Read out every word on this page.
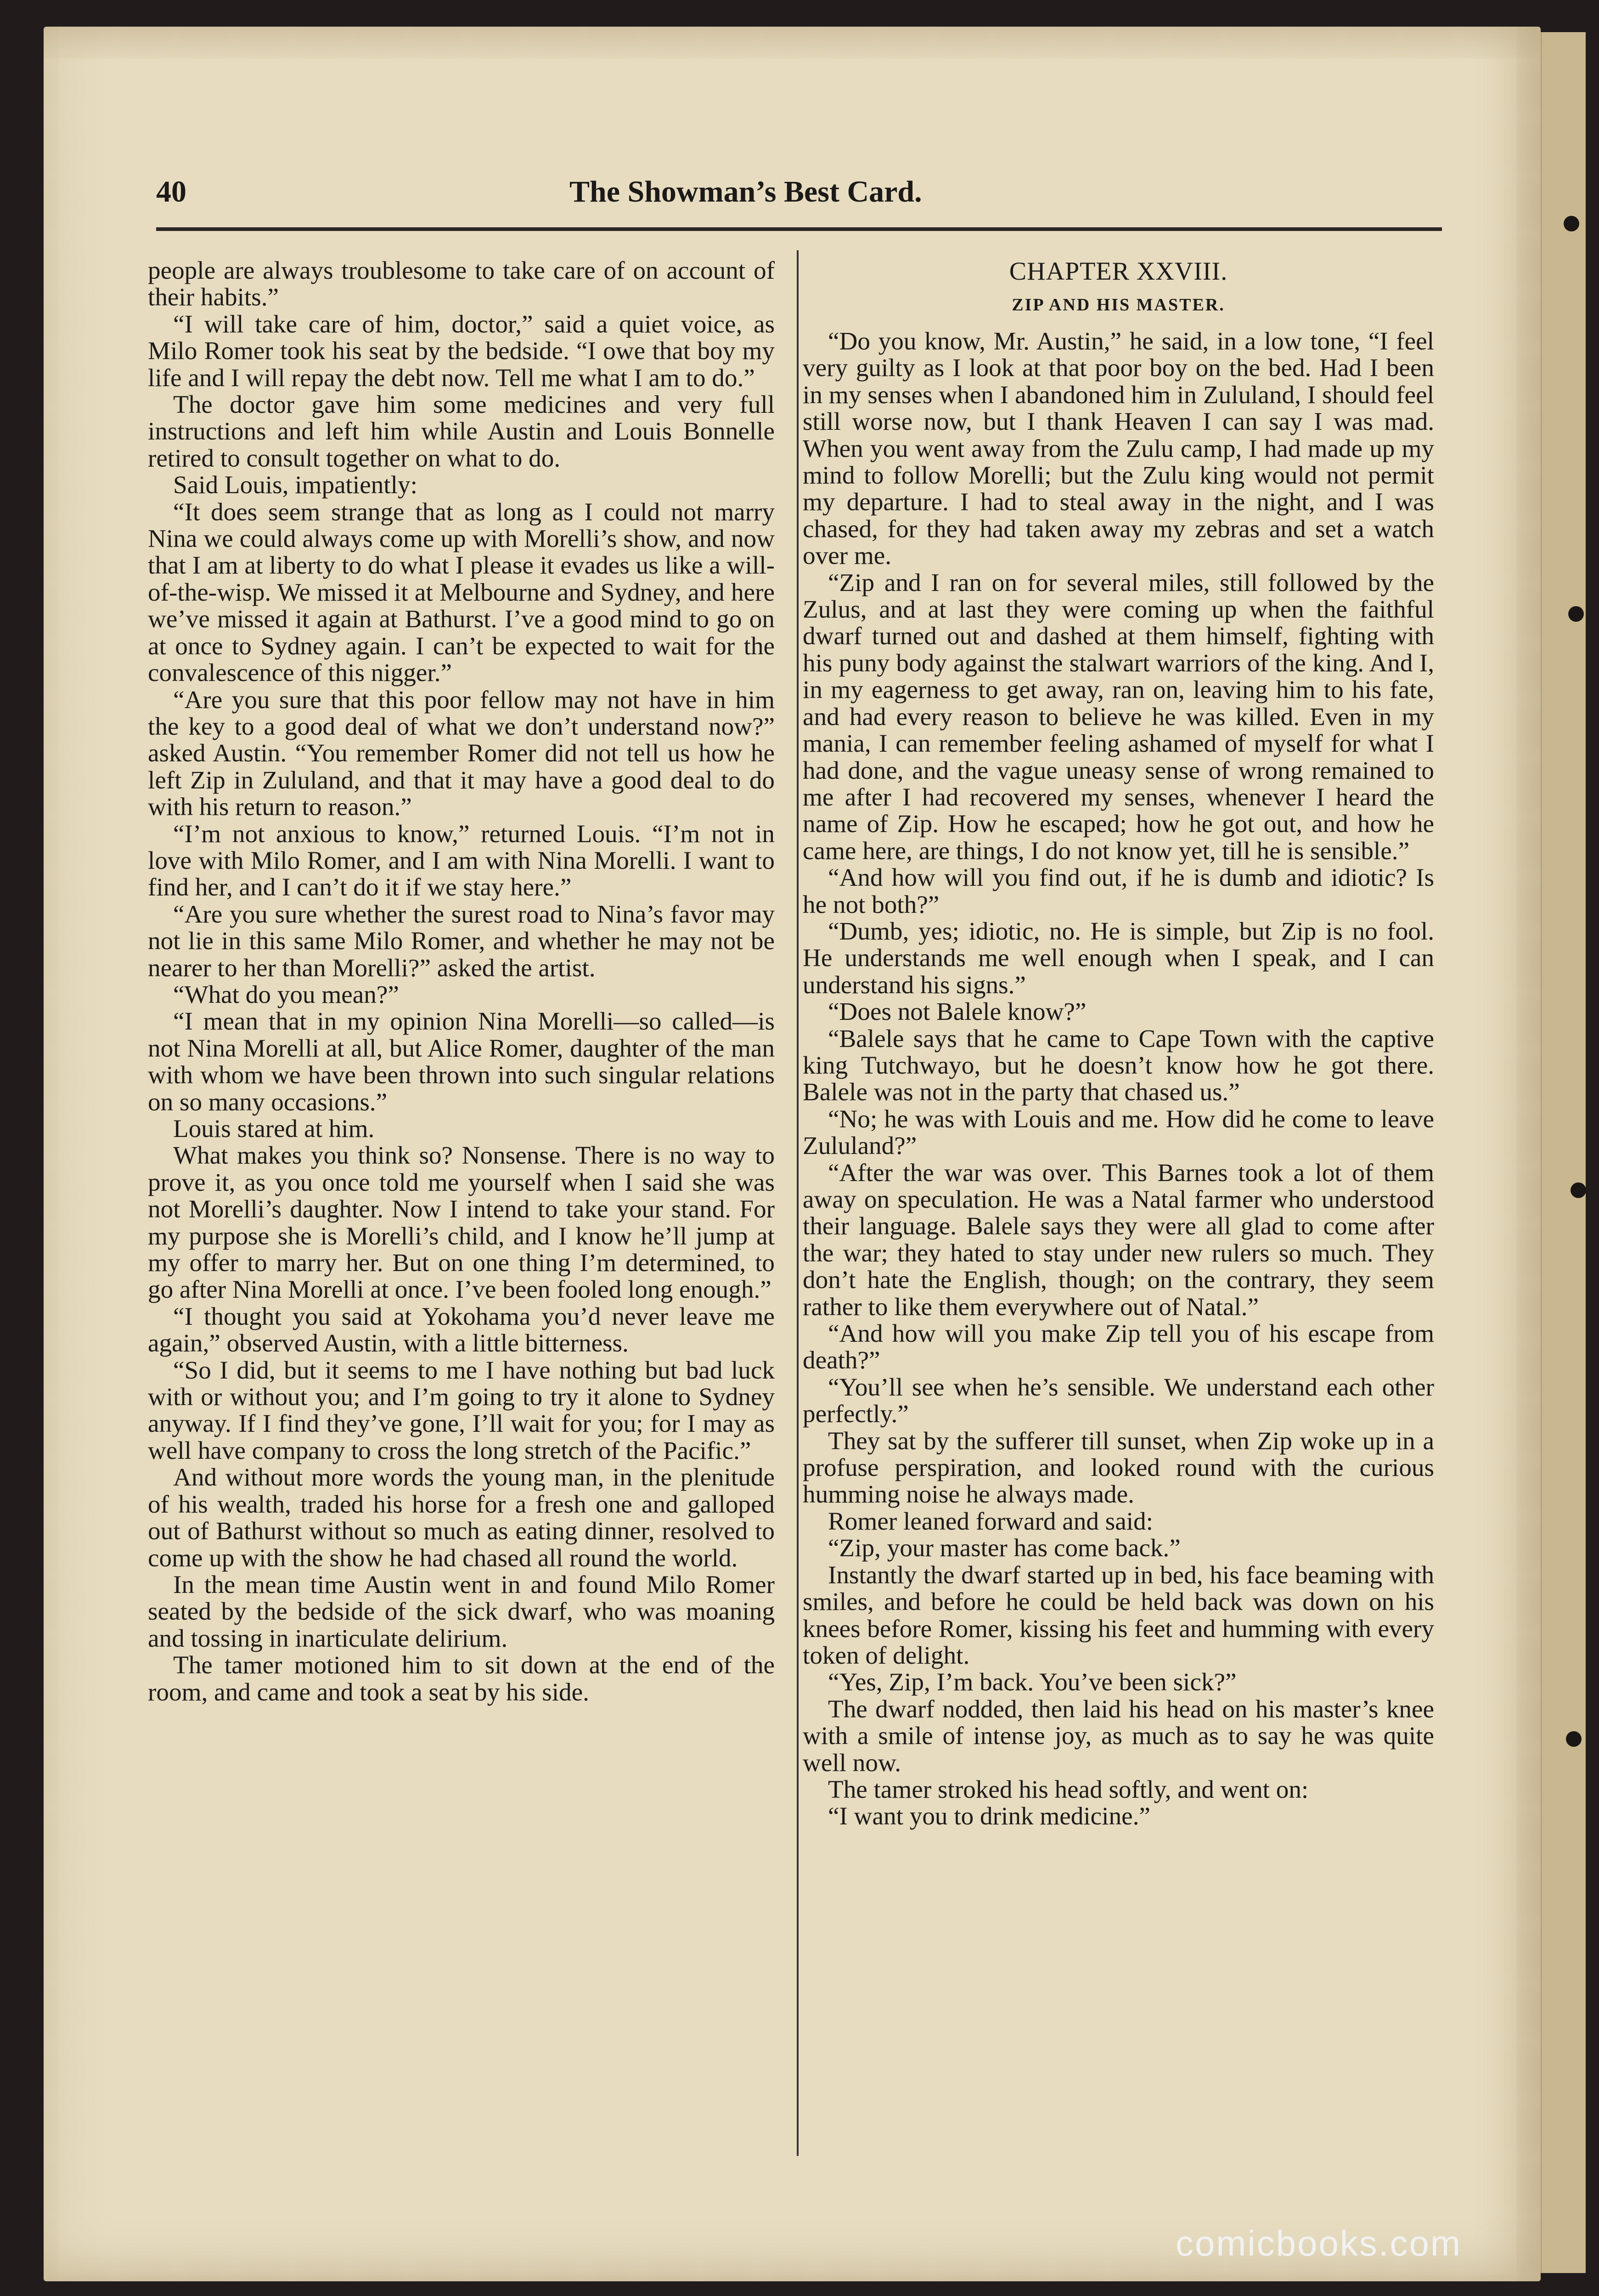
40	The Showman’s Best Card.

people are always troublesome to take care of on account of their habits.”

“I will take care of him, doctor,” said a quiet voice, as Milo Romer took his seat by the bedside. “I owe that boy my life and I will repay the debt now. Tell me what I am to do.”

The doctor gave him some medicines and very full instructions and left him while Austin and Louis Bonnelle retired to consult together on what to do.

Said Louis, impatiently:

“It does seem strange that as long as I could not marry Nina we could always come up with Morelli’s show, and now that I am at liberty to do what I please it evades us like a will-of-the-wisp. We missed it at Melbourne and Sydney, and here we’ve missed it again at Bathurst. I’ve a good mind to go on at once to Sydney again. I can’t be expected to wait for the convalescence of this nigger.”

“Are you sure that this poor fellow may not have in him the key to a good deal of what we don’t understand now?” asked Austin. “You remember Romer did not tell us how he left Zip in Zululand, and that it may have a good deal to do with his return to reason.”

“I’m not anxious to know,” returned Louis. “I’m not in love with Milo Romer, and I am with Nina Morelli. I want to find her, and I can’t do it if we stay here.”

“Are you sure whether the surest road to Nina’s favor may not lie in this same Milo Romer, and whether he may not be nearer to her than Morelli?” asked the artist.

“What do you mean?”

“I mean that in my opinion Nina Morelli—so called—is not Nina Morelli at all, but Alice Romer, daughter of the man with whom we have been thrown into such singular relations on so many occasions.”

Louis stared at him.

What makes you think so? Nonsense. There is no way to prove it, as you once told me yourself when I said she was not Morelli’s daughter. Now I intend to take your stand. For my purpose she is Morelli’s child, and I know he’ll jump at my offer to marry her. But on one thing I’m determined, to go after Nina Morelli at once. I’ve been fooled long enough.”

“I thought you said at Yokohama you’d never leave me again,” observed Austin, with a little bitterness.

“So I did, but it seems to me I have nothing but bad luck with or without you; and I’m going to try it alone to Sydney anyway. If I find they’ve gone, I’ll wait for you; for I may as well have company to cross the long stretch of the Pacific.”

And without more words the young man, in the plenitude of his wealth, traded his horse for a fresh one and galloped out of Bathurst without so much as eating dinner, resolved to come up with the show he had chased all round the world.

In the mean time Austin went in and found Milo Romer seated by the bedside of the sick dwarf, who was moaning and tossing in inarticulate delirium.

The tamer motioned him to sit down at the end of the room, and came and took a seat by his side.

CHAPTER XXVIII.
ZIP AND HIS MASTER.

“Do you know, Mr. Austin,” he said, in a low tone, “I feel very guilty as I look at that poor boy on the bed. Had I been in my senses when I abandoned him in Zululand, I should feel still worse now, but I thank Heaven I can say I was mad. When you went away from the Zulu camp, I had made up my mind to follow Morelli; but the Zulu king would not permit my departure. I had to steal away in the night, and I was chased, for they had taken away my zebras and set a watch over me.

“Zip and I ran on for several miles, still followed by the Zulus, and at last they were coming up when the faithful dwarf turned out and dashed at them himself, fighting with his puny body against the stalwart warriors of the king. And I, in my eagerness to get away, ran on, leaving him to his fate, and had every reason to believe he was killed. Even in my mania, I can remember feeling ashamed of myself for what I had done, and the vague uneasy sense of wrong remained to me after I had recovered my senses, whenever I heard the name of Zip. How he escaped; how he got out, and how he came here, are things, I do not know yet, till he is sensible.”

“And how will you find out, if he is dumb and idiotic? Is he not both?”

“Dumb, yes; idiotic, no. He is simple, but Zip is no fool. He understands me well enough when I speak, and I can understand his signs.”

“Does not Balele know?”

“Balele says that he came to Cape Town with the captive king Tutchwayo, but he doesn’t know how he got there. Balele was not in the party that chased us.”

“No; he was with Louis and me. How did he come to leave Zululand?”

“After the war was over. This Barnes took a lot of them away on speculation. He was a Natal farmer who understood their language. Balele says they were all glad to come after the war; they hated to stay under new rulers so much. They don’t hate the English, though; on the contrary, they seem rather to like them everywhere out of Natal.”

“And how will you make Zip tell you of his escape from death?”

“You’ll see when he’s sensible. We understand each other perfectly.”

They sat by the sufferer till sunset, when Zip woke up in a profuse perspiration, and looked round with the curious humming noise he always made.

Romer leaned forward and said:

“Zip, your master has come back.”

Instantly the dwarf started up in bed, his face beaming with smiles, and before he could be held back was down on his knees before Romer, kissing his feet and humming with every token of delight.

“Yes, Zip, I’m back. You’ve been sick?”

The dwarf nodded, then laid his head on his master’s knee with a smile of intense joy, as much as to say he was quite well now.

The tamer stroked his head softly, and went on:

“I want you to drink medicine.”

comicbooks.com
